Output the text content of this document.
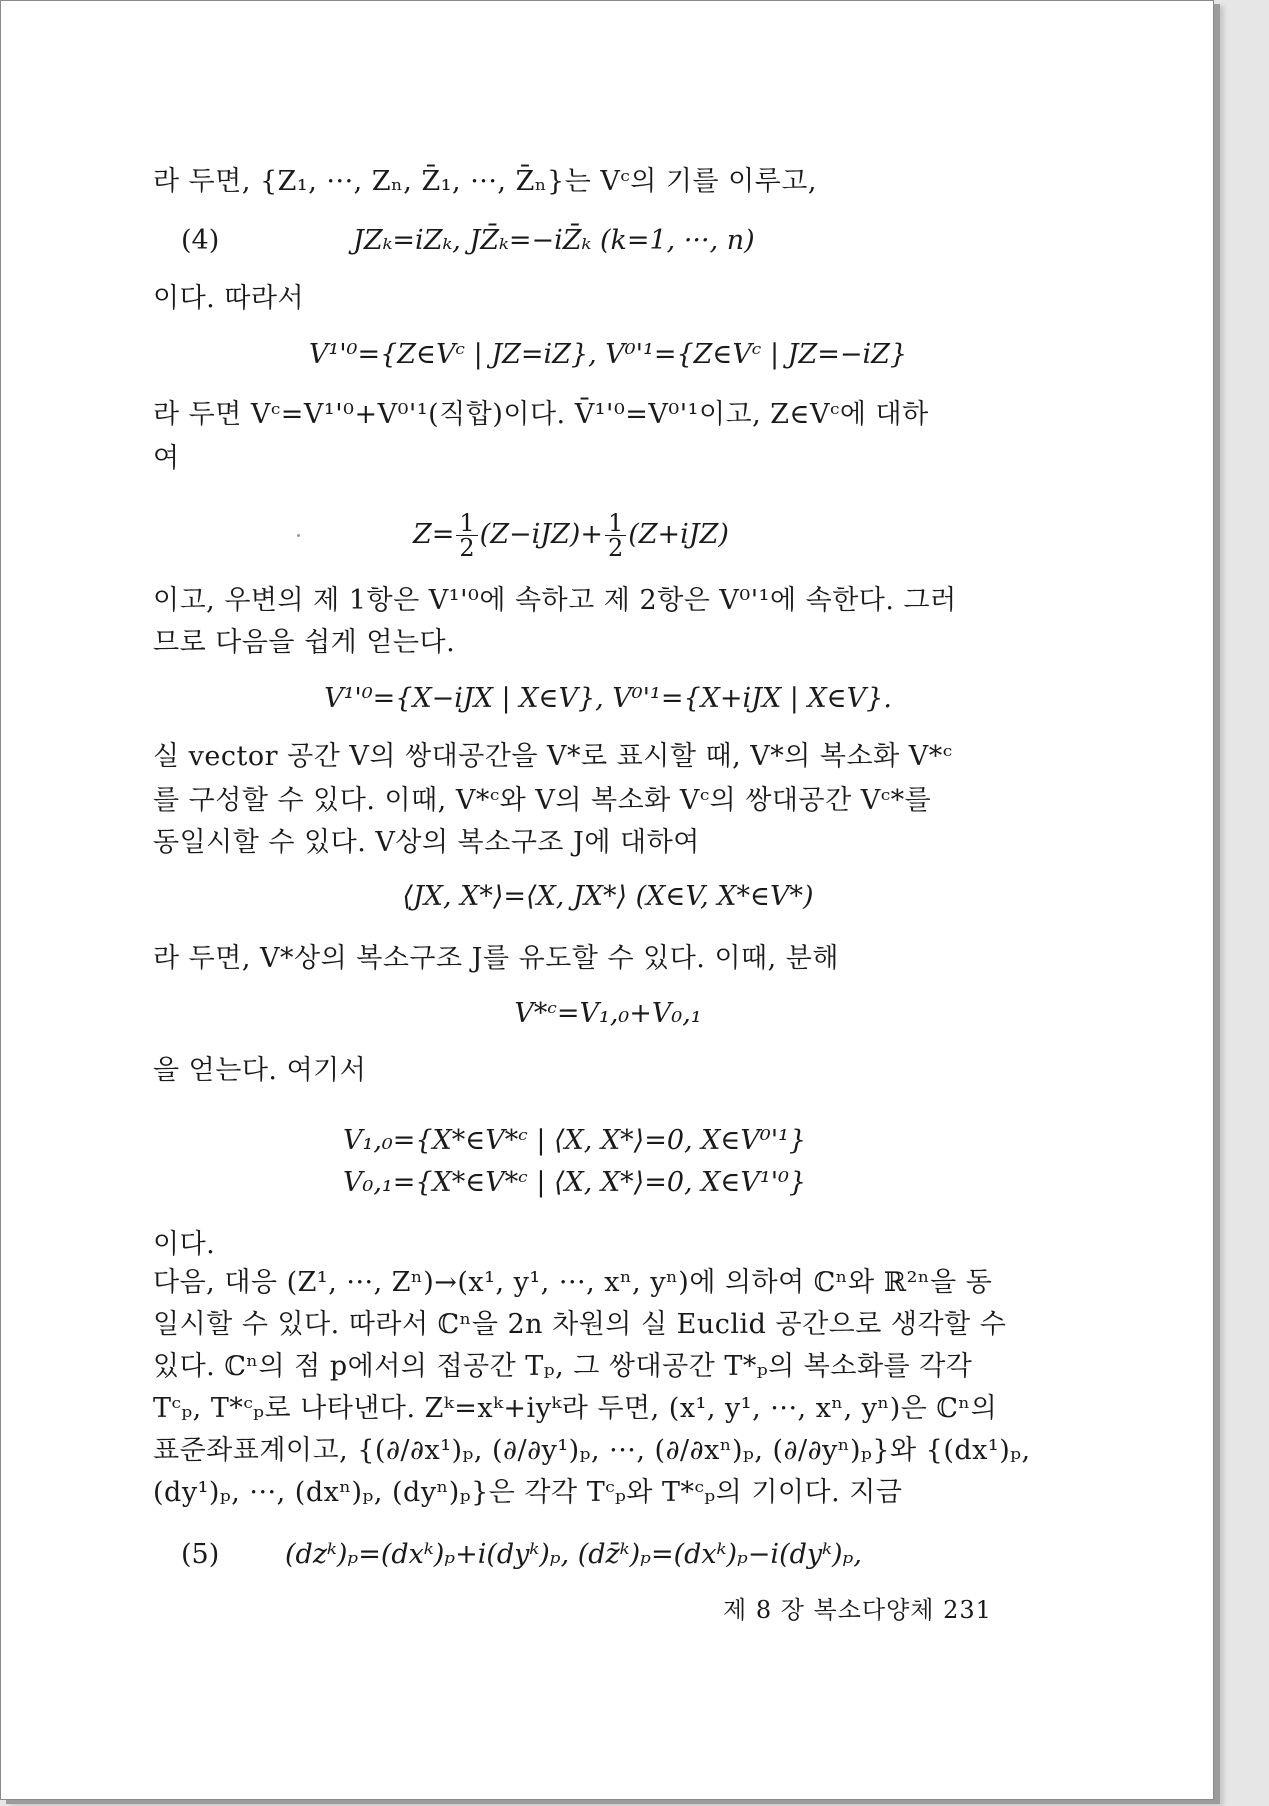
라 두면, {Z₁, ···, Zₙ, Z̄₁, ···, Z̄ₙ}는 Vᶜ의 기를 이루고,
(4)	JZₖ=iZₖ, JZ̄ₖ=−iZ̄ₖ (k=1, ···, n)
이다. 따라서
V¹'⁰={Z∈Vᶜ | JZ=iZ}, V⁰'¹={Z∈Vᶜ | JZ=−iZ}
라 두면 Vᶜ=V¹'⁰+V⁰'¹(직합)이다. V̄¹'⁰=V⁰'¹이고, Z∈Vᶜ에 대하
여
$Z= \frac{1}{2} (Z-iJZ)+ \frac{1}{2} (Z+iJZ)$
이고, 우변의 제 1항은 V¹'⁰에 속하고 제 2항은 V⁰'¹에 속한다. 그러
므로 다음을 쉽게 얻는다.
V¹'⁰={X−iJX | X∈V}, V⁰'¹={X+iJX | X∈V}.
실 vector 공간 V의 쌍대공간을 V*로 표시할 때, V*의 복소화 V*ᶜ
를 구성할 수 있다. 이때, V*ᶜ와 V의 복소화 Vᶜ의 쌍대공간 Vᶜ*를
동일시할 수 있다. V상의 복소구조 J에 대하여
⟨JX, X*⟩=⟨X, JX*⟩ (X∈V, X*∈V*)
라 두면, V*상의 복소구조 J를 유도할 수 있다. 이때, 분해
V*ᶜ=V₁,₀+V₀,₁
을 얻는다. 여기서
V₁,₀={X*∈V*ᶜ | ⟨X, X*⟩=0, X∈V⁰'¹}
V₀,₁={X*∈V*ᶜ | ⟨X, X*⟩=0, X∈V¹'⁰}
이다.
다음, 대응 (Z¹, ···, Zⁿ)→(x¹, y¹, ···, xⁿ, yⁿ)에 의하여 ℂⁿ와 ℝ²ⁿ을 동
일시할 수 있다. 따라서 ℂⁿ을 2n 차원의 실 Euclid 공간으로 생각할 수
있다. ℂⁿ의 점 p에서의 접공간 Tₚ, 그 쌍대공간 T*ₚ의 복소화를 각각
Tᶜₚ, T*ᶜₚ로 나타낸다. Zᵏ=xᵏ+iyᵏ라 두면, (x¹, y¹, ···, xⁿ, yⁿ)은 ℂⁿ의
표준좌표계이고, {(∂/∂x¹)ₚ, (∂/∂y¹)ₚ, ···, (∂/∂xⁿ)ₚ, (∂/∂yⁿ)ₚ}와 {(dx¹)ₚ,
(dy¹)ₚ, ···, (dxⁿ)ₚ, (dyⁿ)ₚ}은 각각 Tᶜₚ와 T*ᶜₚ의 기이다. 지금
(5) (dzᵏ)ₚ=(dxᵏ)ₚ+i(dyᵏ)ₚ, (dz̄ᵏ)ₚ=(dxᵏ)ₚ−i(dyᵏ)ₚ,
제 8 장 복소다양체 231
